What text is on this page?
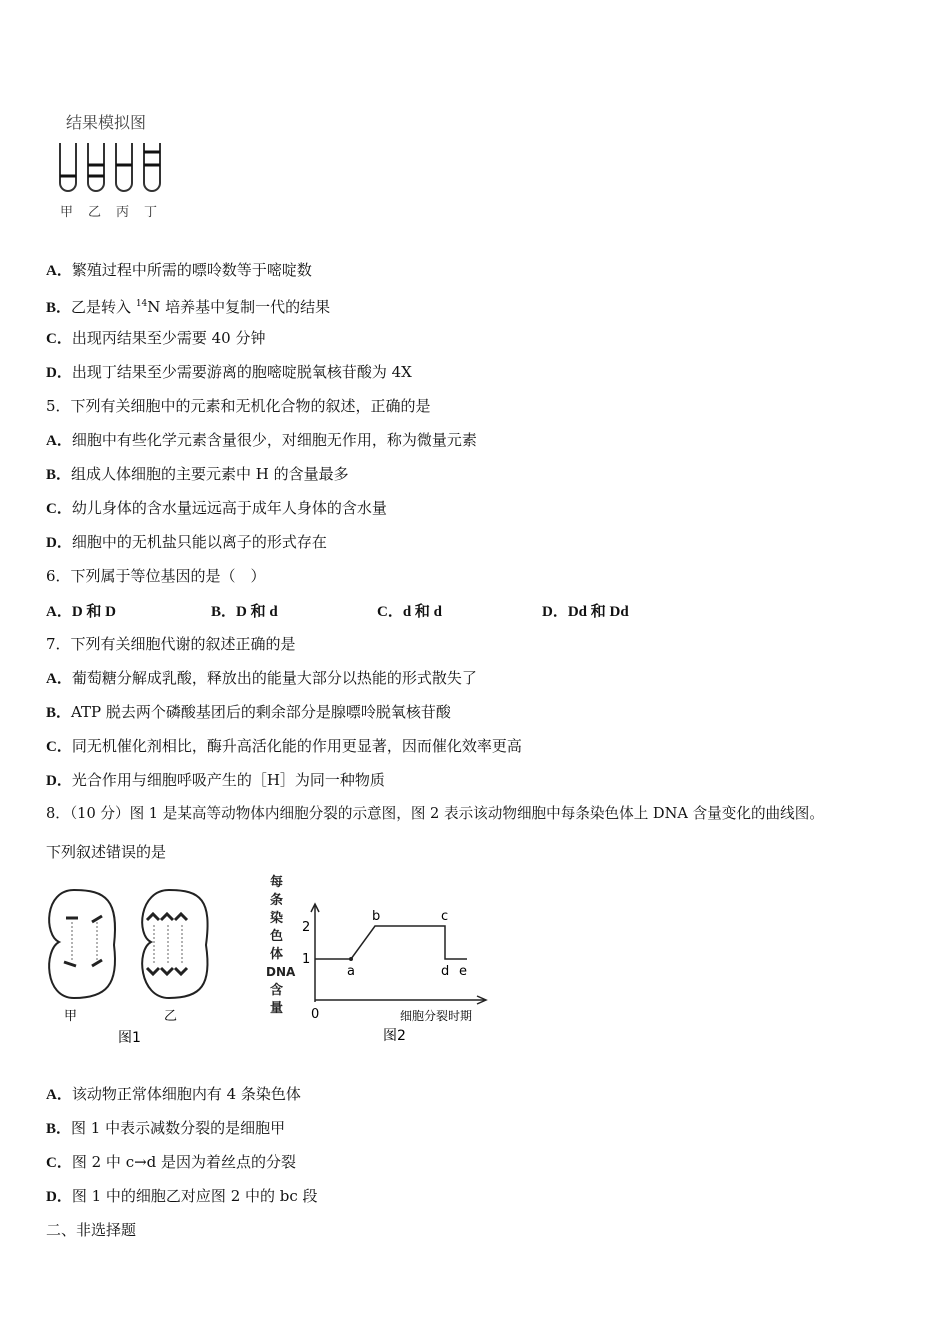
结果模拟图
甲 乙 丙 丁
A．繁殖过程中所需的嘌呤数等于嘧啶数
B．乙是转入 $^{14}$N 培养基中复制一代的结果
C．出现丙结果至少需要 40 分钟
D．出现丁结果至少需要游离的胞嘧啶脱氧核苷酸为 4X
5．下列有关细胞中的元素和无机化合物的叙述，正确的是
A．细胞中有些化学元素含量很少，对细胞无作用，称为微量元素
B．组成人体细胞的主要元素中 H 的含量最多
C．幼儿身体的含水量远远高于成年人身体的含水量
D．细胞中的无机盐只能以离子的形式存在
6．下列属于等位基因的是（　）
A．D 和 D	B．D 和 d	C．d 和 d	D．Dd 和 Dd
7．下列有关细胞代谢的叙述正确的是
A．葡萄糖分解成乳酸，释放出的能量大部分以热能的形式散失了
B．ATP 脱去两个磷酸基团后的剩余部分是腺嘌呤脱氧核苷酸
C．同无机催化剂相比，酶升高活化能的作用更显著，因而催化效率更高
D．光合作用与细胞呼吸产生的［H］为同一种物质
8．（10 分）图 1 是某高等动物体内细胞分裂的示意图，图 2 表示该动物细胞中每条染色体上 DNA 含量变化的曲线图。
下列叙述错误的是
甲	乙
图1
每
条
染
色
体
DNA
含
量
2
1
0
a
b	c
d e
细胞分裂时期
图2
A．该动物正常体细胞内有 4 条染色体
B．图 1 中表示减数分裂的是细胞甲
C．图 2 中 c→d 是因为着丝点的分裂
D．图 1 中的细胞乙对应图 2 中的 bc 段
二、非选择题
